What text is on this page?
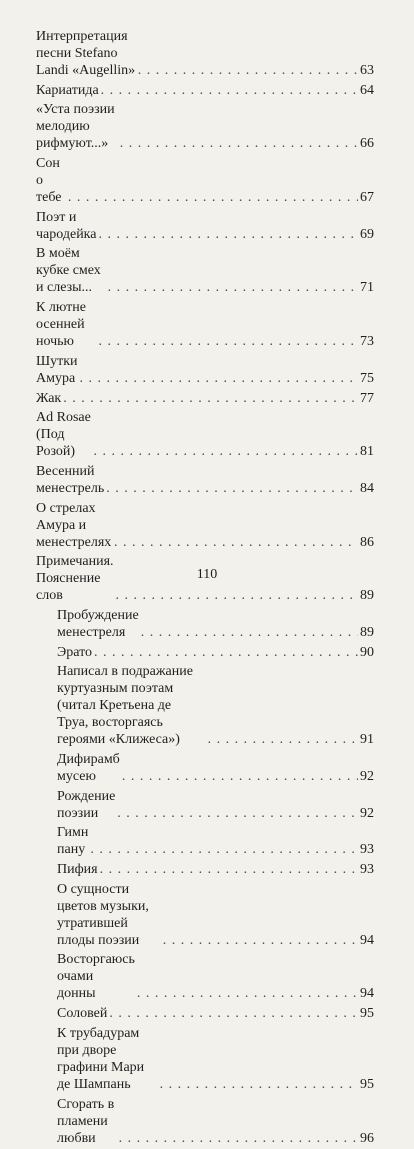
Интерпретация песни Stefano Landi «Augellin» . . .	63
Кариатида . . .	64
«Уста поэзии мелодию рифмуют...» . . .	66
Сон о тебе . . .	67
Поэт и чародейка . . .	69
В моём кубке смех и слезы... . . .	71
К лютне осенней ночью . . .	73
Шутки Амура . . .	75
Жак . . .	77
Ad Rosae (Под Розой) . . .	81
Весенний менестрель . . .	84
О стрелах Амура и менестрелях . . .	86
Примечания. Пояснение слов . . .	89
Пробуждение менестреля . . .	89
Эрато . . .	90
Написал в подражание куртуазным поэтам (читал Кретьена де Труа, восторгаясь героями «Клижеса») . . .	91
Дифирамб мусею . . .	92
Рождение поэзии . . .	92
Гимн пану . . .	93
Пифия . . .	93
О сущности цветов музыки, утратившей плоды поэзии . . .	94
Восторгаюсь очами донны . . .	94
Соловей . . .	95
К трубадурам при дворе графини Мари де Шампань . . .	95
Сгорать в пламени любви . . .	96
110
